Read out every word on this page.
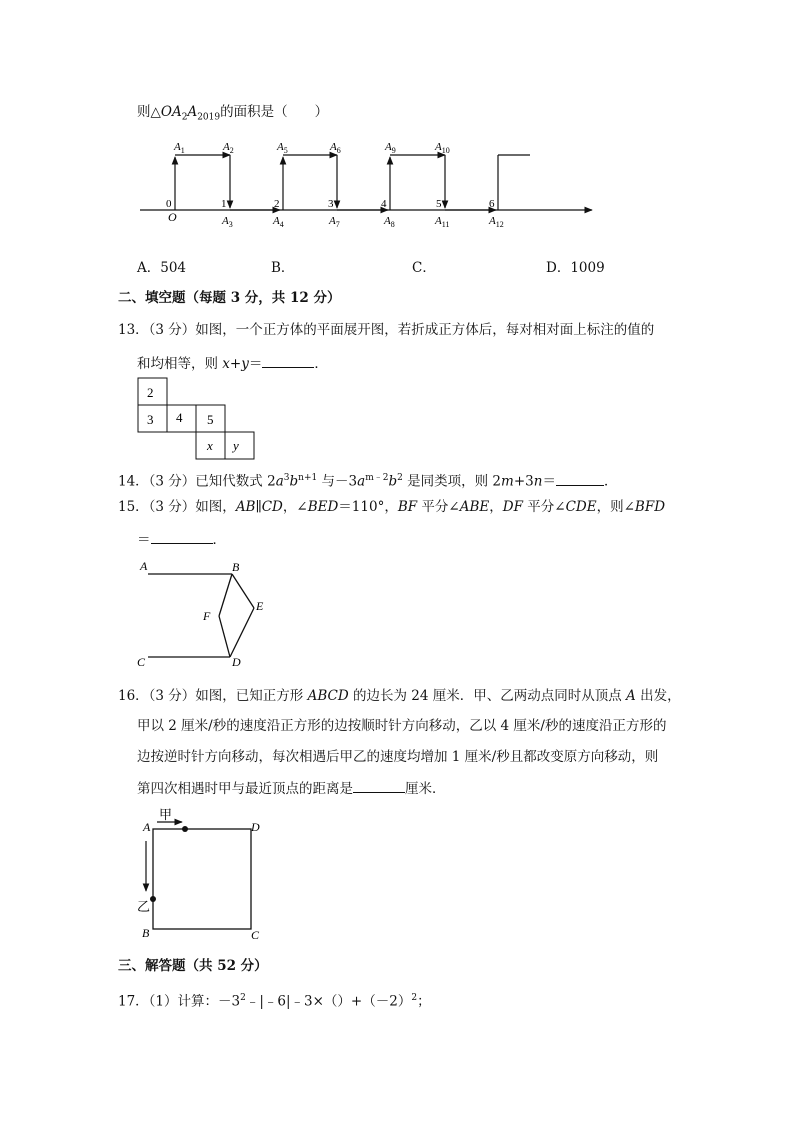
则$\triangle OA_2A_{2019}$的面积是（　　）
$A_1$	$A_2$	$A_5$	$A_6$	$A_9$	$A_{10}$
$A_3$	$A_4$	$A_7$	$A_8$	$A_{11}$	$A_{12}$
0	1	2	3	4	5	6
O
A．504	B．	C．	D．1009
二、填空题（每题 3 分，共 12 分）
13．（3 分）如图，一个正方体的平面展开图，若折成正方体后，每对相对面上标注的值的
和均相等，则 x+y＝	．
2
3 4 5
x y
14．（3 分）已知代数式 $2a^3b^{n+1}$ 与$-3a^{m﹣2}b^2$ 是同类项，则 2m+3n＝	．
15．（3 分）如图，AB∥CD，∠BED＝110°，BF 平分∠ABE，DF 平分∠CDE，则∠BFD
＝	．
A	B
E
F
C	D
16．（3 分）如图，已知正方形 ABCD 的边长为 24 厘米．甲、乙两动点同时从顶点 A 出发，
甲以 2 厘米/秒的速度沿正方形的边按顺时针方向移动，乙以 4 厘米/秒的速度沿正方形的
边按逆时针方向移动，每次相遇后甲乙的速度均增加 1 厘米/秒且都改变原方向移动，则
第四次相遇时甲与最近顶点的距离是	厘米．
A	D
B	C
甲
乙
三、解答题（共 52 分）
17．（1）计算：$-3^2﹣|﹣6|﹣3\times()+(-2)^2$；
